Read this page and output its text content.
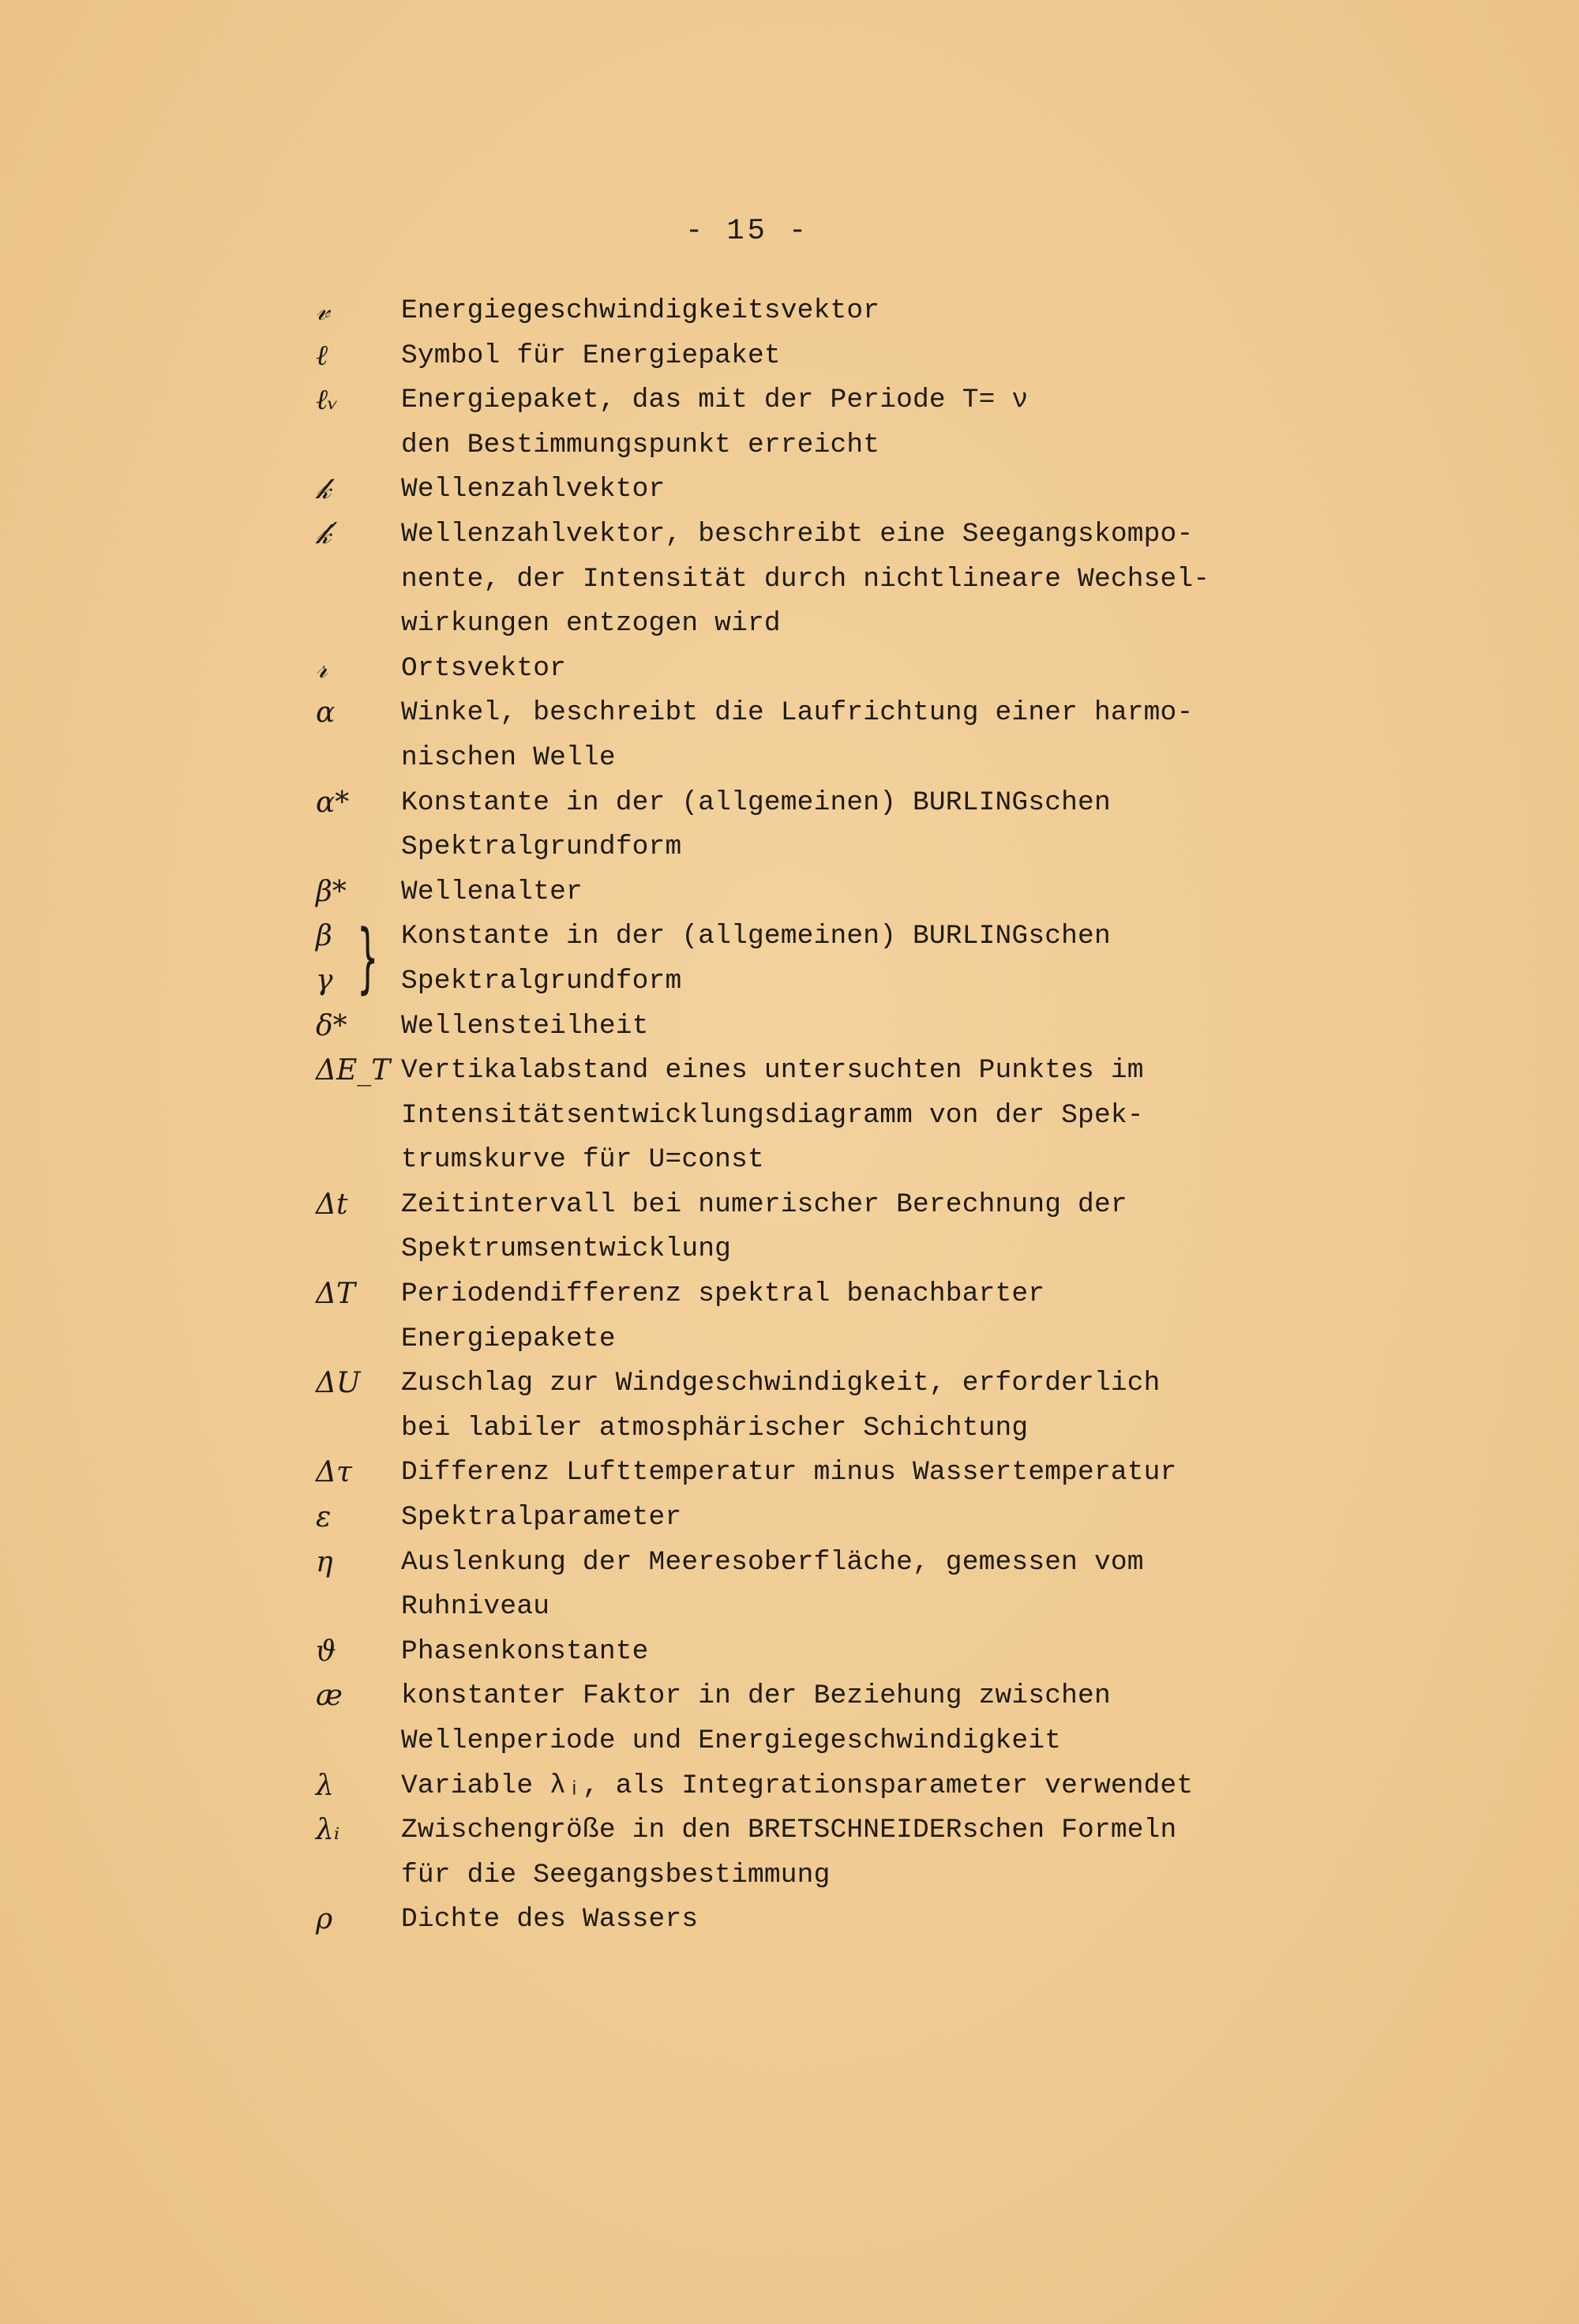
- 15 -
𝓋	Energiegeschwindigkeitsvektor
ℓ	Symbol für Energiepaket
ℓᵥ	Energiepaket, das mit der Periode T= ν
den Bestimmungspunkt erreicht
𝓀	Wellenzahlvektor
𝓀′	Wellenzahlvektor, beschreibt eine Seegangskompo-
nente, der Intensität durch nichtlineare Wechsel-
wirkungen entzogen wird
𝓇	Ortsvektor
α	Winkel, beschreibt die Laufrichtung einer harmo-
nischen Welle
α*	Konstante in der (allgemeinen) BURLINGschen
Spektralgrundform
β*	Wellenalter
β
γ } Konstante in der (allgemeinen) BURLINGschen
Spektralgrundform
δ*	Wellensteilheit
ΔE_T Vertikalabstand eines untersuchten Punktes im
Intensitätsentwicklungsdiagramm von der Spek-
trumskurve für U=const
Δt	Zeitintervall bei numerischer Berechnung der
Spektrumsentwicklung
ΔT	Periodendifferenz spektral benachbarter
Energiepakete
ΔU	Zuschlag zur Windgeschwindigkeit, erforderlich
bei labiler atmosphärischer Schichtung
Δτ	Differenz Lufttemperatur minus Wassertemperatur
ε	Spektralparameter
η	Auslenkung der Meeresoberfläche, gemessen vom
Ruhniveau
ϑ	Phasenkonstante
æ	konstanter Faktor in der Beziehung zwischen
Wellenperiode und Energiegeschwindigkeit
λ	Variable λᵢ, als Integrationsparameter verwendet
λᵢ	Zwischengröße in den BRETSCHNEIDERschen Formeln
für die Seegangsbestimmung
ρ	Dichte des Wassers
